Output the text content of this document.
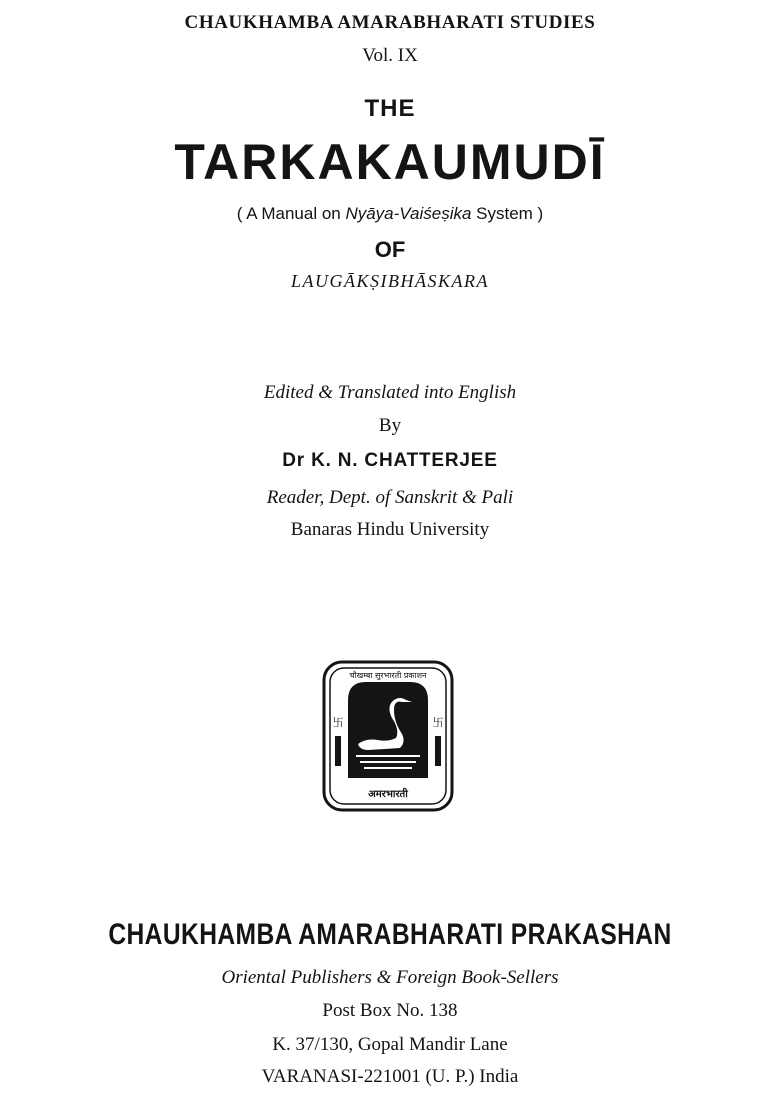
CHAUKHAMBA AMARABHARATI STUDIES
Vol. IX
THE
TARKAKAUMUDĪ
( A Manual on Nyāya-Vaiśeṣika System )
OF
LAUGĀKṢIBHĀSKARA
Edited & Translated into English
By
Dr K. N. CHATTERJEE
Reader, Dept. of Sanskrit & Pali
Banaras Hindu University
चौखम्बा सुरभारती प्रकाशन
अमरभारती
卐	卐
CHAUKHAMBA AMARABHARATI PRAKASHAN
Oriental Publishers & Foreign Book-Sellers
Post Box No. 138
K. 37/130, Gopal Mandir Lane
VARANASI-221001 (U. P.) India
